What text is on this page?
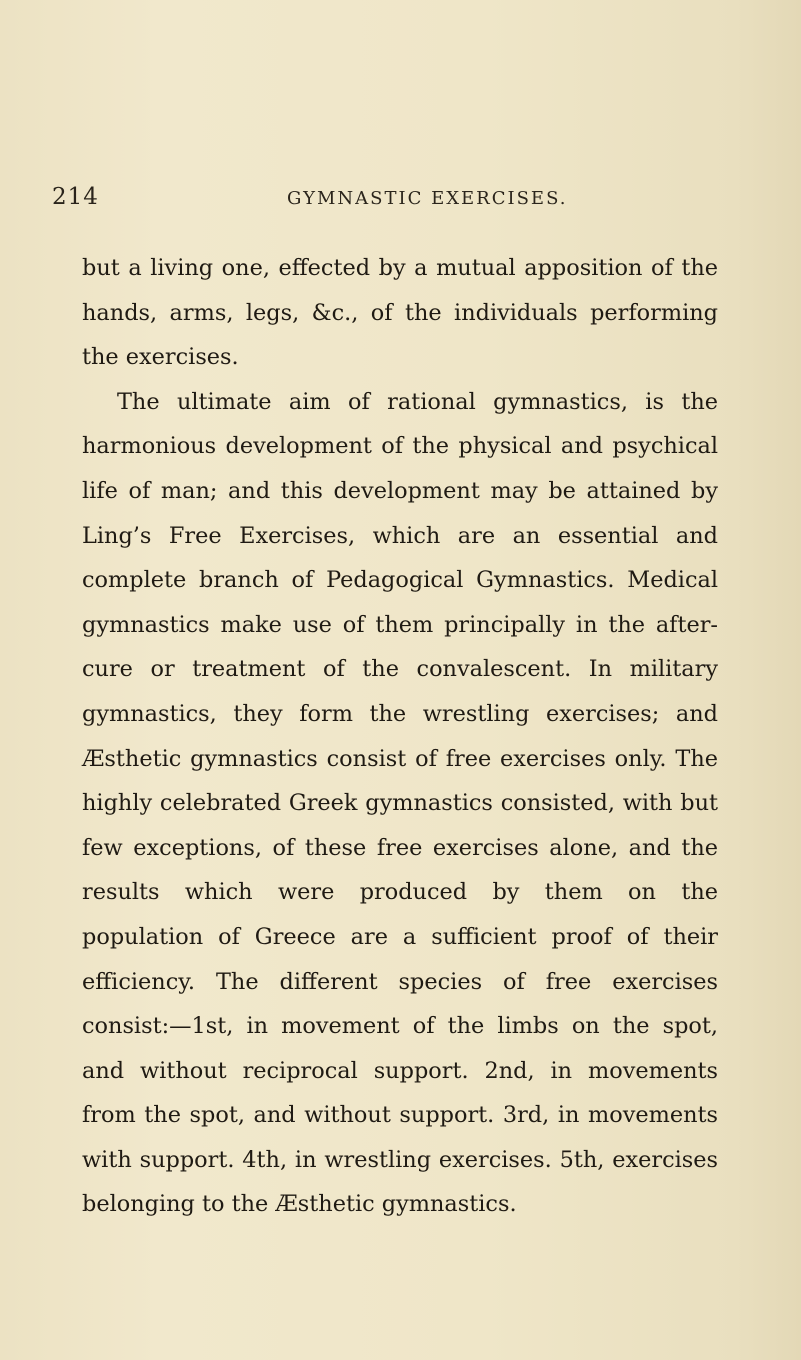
214	GYMNASTIC EXERCISES.

but a living one, effected by a mutual apposition of the hands, arms, legs, &c., of the individuals performing the exercises.

The ultimate aim of rational gymnastics, is the harmonious development of the physical and psychical life of man; and this development may be attained by Ling’s Free Exercises, which are an essential and complete branch of Pedagogical Gymnastics. Medical gymnastics make use of them principally in the after-cure or treatment of the convalescent. In military gymnastics, they form the wrestling exercises; and Æsthetic gymnastics consist of free exercises only. The highly celebrated Greek gymnastics consisted, with but few exceptions, of these free exercises alone, and the results which were produced by them on the population of Greece are a sufficient proof of their efficiency. The different species of free exercises consist:—1st, in movement of the limbs on the spot, and without reciprocal support. 2nd, in movements from the spot, and without support. 3rd, in movements with support. 4th, in wrestling exercises. 5th, exercises belonging to the Æsthetic gymnastics.
